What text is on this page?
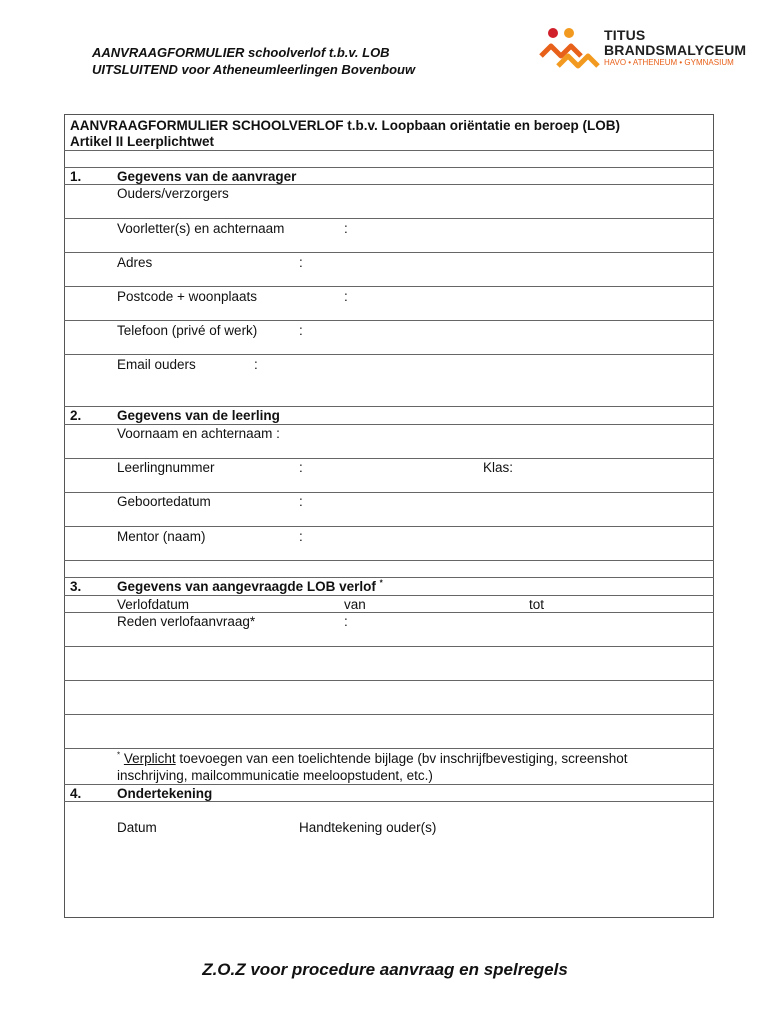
AANVRAAGFORMULIER schoolverlof t.b.v. LOB
UITSLUITEND voor Atheneumleerlingen Bovenbouw
TITUS
BRANDSMALYCEUM
HAVO • ATHENEUM • GYMNASIUM
AANVRAAGFORMULIER SCHOOLVERLOF t.b.v. Loopbaan oriëntatie en beroep (LOB)
Artikel II Leerplichtwet
1.	Gegevens van de aanvrager
Ouders/verzorgers
Voorletter(s) en achternaam	:
Adres	:
Postcode + woonplaats	:
Telefoon (privé of werk)	:
Email ouders	:
2.	Gegevens van de leerling
Voornaam en achternaam :
Leerlingnummer	:	Klas:
Geboortedatum	:
Mentor (naam)	:
3.	Gegevens van aangevraagde LOB verlof *
Verlofdatum	van	tot
Reden verlofaanvraag*	:
* Verplicht toevoegen van een toelichtende bijlage (bv inschrijfbevestiging, screenshot
inschrijving, mailcommunicatie meeloopstudent, etc.)
4.	Ondertekening
Datum	Handtekening ouder(s)
Z.O.Z voor procedure aanvraag en spelregels
